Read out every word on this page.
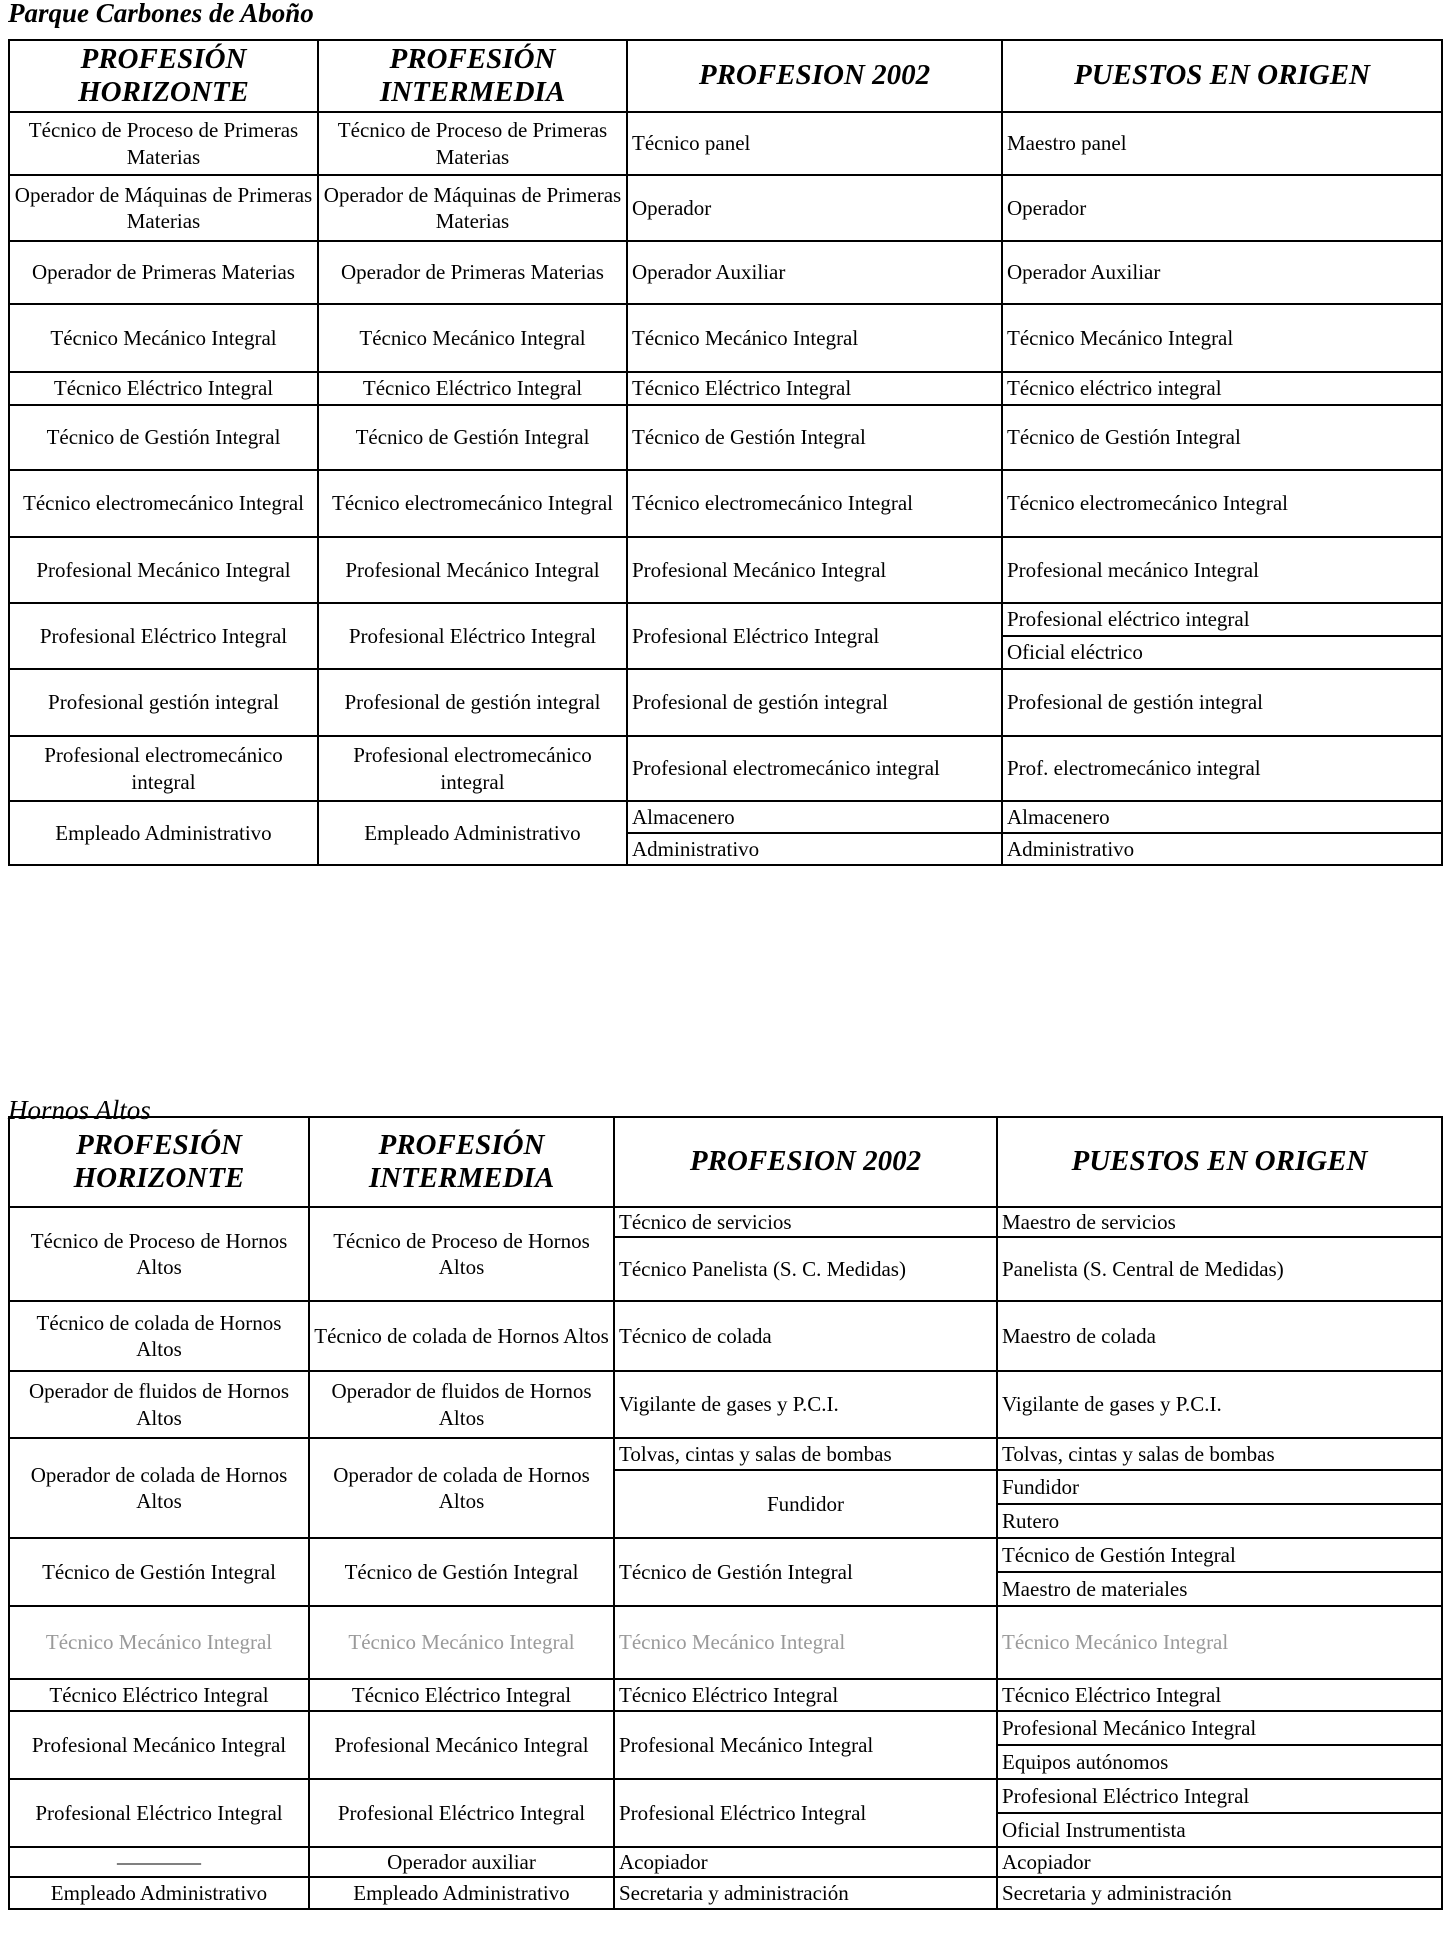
Parque Carbones de Aboño
PROFESIÓN HORIZONTE	PROFESIÓN INTERMEDIA	PROFESION 2002	PUESTOS EN ORIGEN
Técnico de Proceso de Primeras Materias	Técnico de Proceso de Primeras Materias	Técnico panel	Maestro panel
Operador de Máquinas de Primeras Materias	Operador de Máquinas de Primeras Materias	Operador	Operador
Operador de Primeras Materias	Operador de Primeras Materias	Operador Auxiliar	Operador Auxiliar
Técnico Mecánico Integral	Técnico Mecánico Integral	Técnico Mecánico Integral	Técnico Mecánico Integral
Técnico Eléctrico Integral	Técnico Eléctrico Integral	Técnico Eléctrico Integral	Técnico eléctrico integral
Técnico de Gestión Integral	Técnico de Gestión Integral	Técnico de Gestión Integral	Técnico de Gestión Integral
Técnico electromecánico Integral	Técnico electromecánico Integral	Técnico electromecánico Integral	Técnico electromecánico Integral
Profesional Mecánico Integral	Profesional Mecánico Integral	Profesional Mecánico Integral	Profesional mecánico Integral
Profesional Eléctrico Integral	Profesional Eléctrico Integral	Profesional Eléctrico Integral	Profesional eléctrico integral
			Oficial eléctrico
Profesional gestión integral	Profesional de gestión integral	Profesional de gestión integral	Profesional de gestión integral
Profesional electromecánico integral	Profesional electromecánico integral	Profesional electromecánico integral	Prof. electromecánico integral
Empleado Administrativo	Empleado Administrativo	Almacenero	Almacenero
		Administrativo	Administrativo
Hornos Altos
PROFESIÓN HORIZONTE	PROFESIÓN INTERMEDIA	PROFESION 2002	PUESTOS EN ORIGEN
Técnico de Proceso de Hornos Altos	Técnico de Proceso de Hornos Altos	Técnico de servicios	Maestro de servicios
		Técnico Panelista (S. C. Medidas)	Panelista (S. Central de Medidas)
Técnico de colada de Hornos Altos	Técnico de colada de Hornos Altos	Técnico de colada	Maestro de colada
Operador de fluidos de Hornos Altos	Operador de fluidos de Hornos Altos	Vigilante de gases y P.C.I.	Vigilante de gases y P.C.I.
Operador de colada de Hornos Altos	Operador de colada de Hornos Altos	Tolvas, cintas y salas de bombas	Tolvas, cintas y salas de bombas
		Fundidor	Fundidor
			Rutero
Técnico de Gestión Integral	Técnico de Gestión Integral	Técnico de Gestión Integral	Técnico de Gestión Integral
			Maestro de materiales
Técnico Mecánico Integral	Técnico Mecánico Integral	Técnico Mecánico Integral	Técnico Mecánico Integral
Técnico Eléctrico Integral	Técnico Eléctrico Integral	Técnico Eléctrico Integral	Técnico Eléctrico Integral
Profesional Mecánico Integral	Profesional Mecánico Integral	Profesional Mecánico Integral	Profesional Mecánico Integral
			Equipos autónomos
Profesional Eléctrico Integral	Profesional Eléctrico Integral	Profesional Eléctrico Integral	Profesional Eléctrico Integral
			Oficial Instrumentista
————	Operador auxiliar	Acopiador	Acopiador
Empleado Administrativo	Empleado Administrativo	Secretaria y administración	Secretaria y administración
